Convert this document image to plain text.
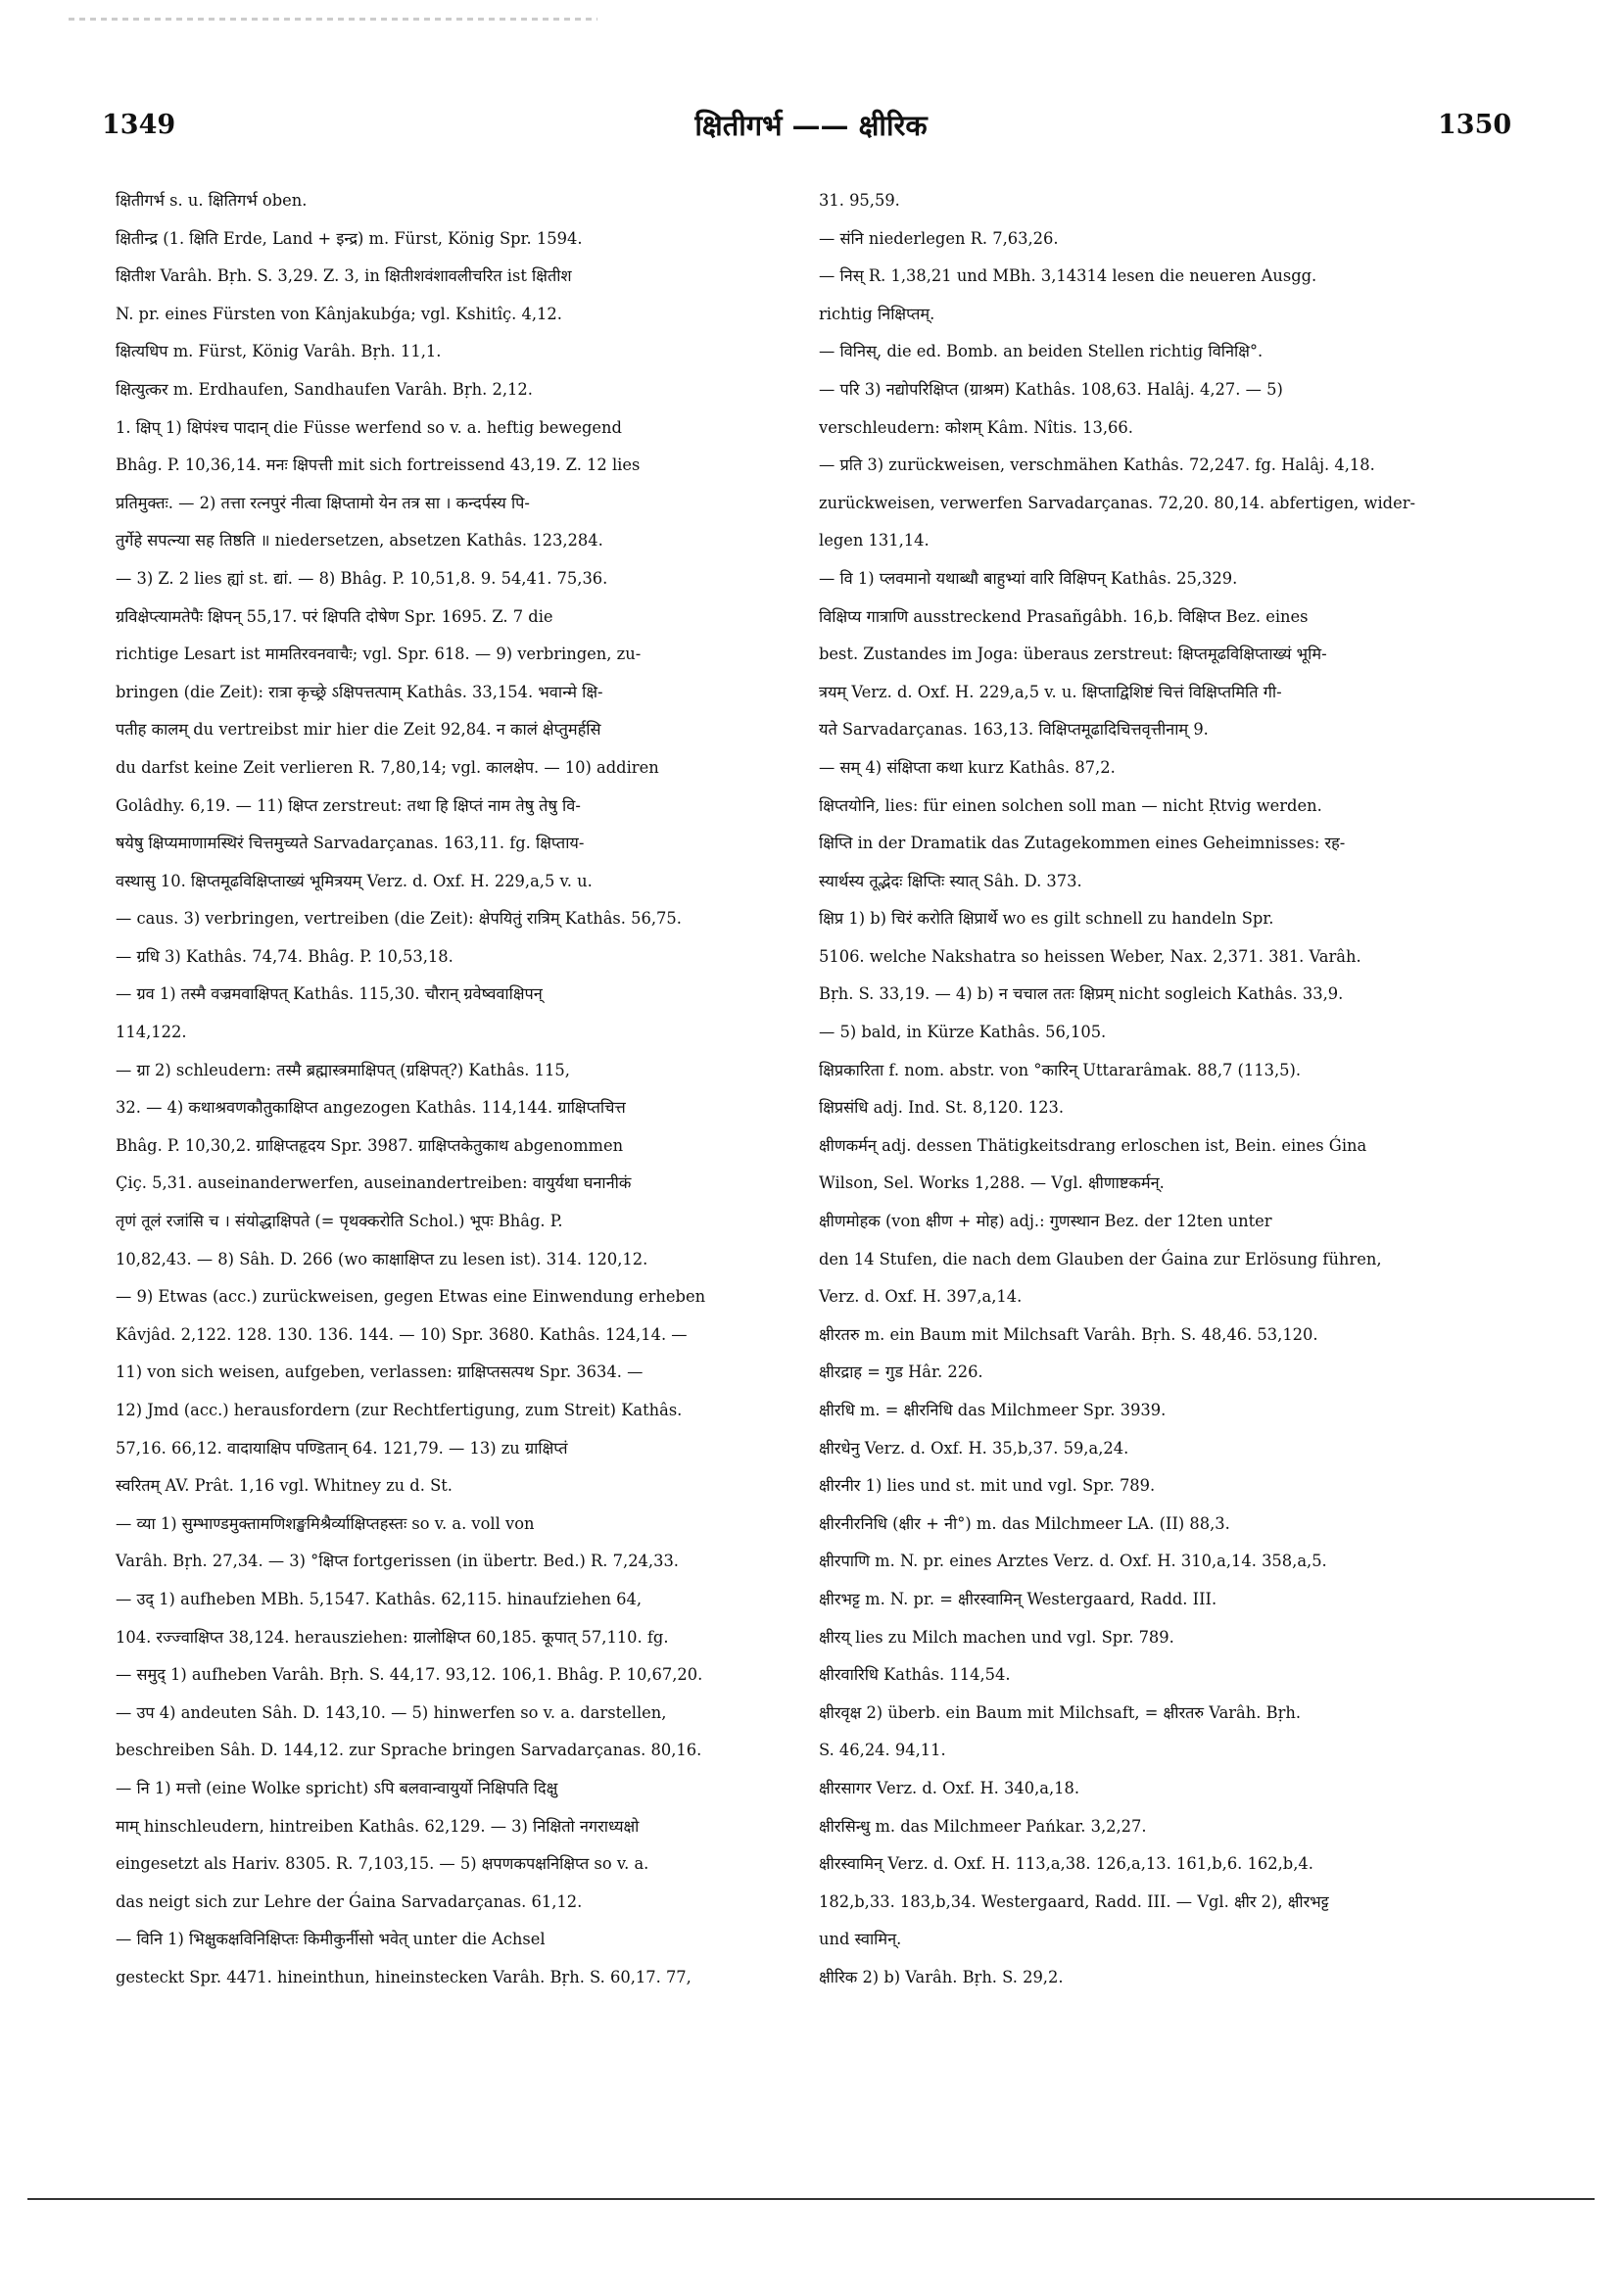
1349	क्षितीगर्भ —— क्षीरिक	1350

क्षितीगर्भ s. u. क्षितिगर्भ oben.

क्षितीन्द्र (1. क्षिति Erde, Land + इन्द्र) m. Fürst, König Spr. 1594.

क्षितीश Varâh. Bṛh. S. 3,29. Z. 3, in क्षितीशवंशावलीचरित ist क्षितीश

N. pr. eines Fürsten von Kânjakubǵa; vgl. Kshitîç. 4,12.

क्षित्यधिप m. Fürst, König Varâh. Bṛh. 11,1.

क्षित्युत्कर m. Erdhaufen, Sandhaufen Varâh. Bṛh. 2,12.

1. क्षिप् 1) क्षिपंश्च पादान् die Füsse werfend so v. a. heftig bewegend

Bhâg. P. 10,36,14. मनः क्षिपत्ती mit sich fortreissend 43,19. Z. 12 lies

प्रतिमुक्तः. — 2) तत्ता रत्नपुरं नीत्वा क्षिप्तामो येन तत्र सा । कन्दर्पस्य पि-

तुर्गेहे सपत्न्या सह तिष्ठति ॥ niedersetzen, absetzen Kathâs. 123,284.

— 3) Z. 2 lies ह्यां st. द्यां. — 8) Bhâg. P. 10,51,8. 9. 54,41. 75,36.

ग्रविक्षेप्त्यामतेपैः क्षिपन् 55,17. परं क्षिपति दोषेण Spr. 1695. Z. 7 die

richtige Lesart ist मामतिरवनवाचैः; vgl. Spr. 618. — 9) verbringen, zu-

bringen (die Zeit): रात्रा कृच्छ्रे ऽक्षिपत्तत्पाम् Kathâs. 33,154. भवान्मे क्षि-

पतीह कालम् du vertreibst mir hier die Zeit 92,84. न कालं क्षेप्तुमर्हसि

du darfst keine Zeit verlieren R. 7,80,14; vgl. कालक्षेप. — 10) addiren

Golâdhy. 6,19. — 11) क्षिप्त zerstreut: तथा हि क्षिप्तं नाम तेषु तेषु वि-

षयेषु क्षिप्यमाणामस्थिरं चित्तमुच्यते Sarvadarçanas. 163,11. fg. क्षिप्ताय-

वस्थासु 10. क्षिप्तमूढविक्षिप्ताख्यं भूमित्रयम् Verz. d. Oxf. H. 229,a,5 v. u.

— caus. 3) verbringen, vertreiben (die Zeit): क्षेपयितुं रात्रिम् Kathâs. 56,75.

— ग्रधि 3) Kathâs. 74,74. Bhâg. P. 10,53,18.

— ग्रव 1) तस्मै वज्रमवाक्षिपत् Kathâs. 115,30. चौरान् ग्रवेष्ववाक्षिपन्

114,122.

— ग्रा 2) schleudern: तस्मै ब्रह्मास्त्रमाक्षिपत् (ग्रक्षिपत्?) Kathâs. 115,

32. — 4) कथाश्रवणकौतुकाक्षिप्त angezogen Kathâs. 114,144. ग्राक्षिप्तचित्त

Bhâg. P. 10,30,2. ग्राक्षिप्तहृदय Spr. 3987. ग्राक्षिप्तकेतुकाथ abgenommen

Çiç. 5,31. auseinanderwerfen, auseinandertreiben: वायुर्यथा घनानीकं

तृणं तूलं रजांसि च । संयोद्धाक्षिपते (= पृथक्करोति Schol.) भूपः Bhâg. P.

10,82,43. — 8) Sâh. D. 266 (wo काक्षाक्षिप्त zu lesen ist). 314. 120,12.

— 9) Etwas (acc.) zurückweisen, gegen Etwas eine Einwendung erheben

Kâvjâd. 2,122. 128. 130. 136. 144. — 10) Spr. 3680. Kathâs. 124,14. —

11) von sich weisen, aufgeben, verlassen: ग्राक्षिप्तसत्पथ Spr. 3634. —

12) Jmd (acc.) herausfordern (zur Rechtfertigung, zum Streit) Kathâs.

57,16. 66,12. वादायाक्षिप पण्डितान् 64. 121,79. — 13) zu ग्राक्षिप्तं

स्वरितम् AV. Prât. 1,16 vgl. Whitney zu d. St.

— व्या 1) सुम्भाण्डमुक्तामणिशङ्खमिश्रैर्व्याक्षिप्तहस्तः so v. a. voll von

Varâh. Bṛh. 27,34. — 3) °क्षिप्त fortgerissen (in übertr. Bed.) R. 7,24,33.

— उद् 1) aufheben MBh. 5,1547. Kathâs. 62,115. hinaufziehen 64,

104. रज्ज्वाक्षिप्त 38,124. herausziehen: ग्रालोक्षिप्त 60,185. कूपात् 57,110. fg.

— समुद् 1) aufheben Varâh. Bṛh. S. 44,17. 93,12. 106,1. Bhâg. P. 10,67,20.

— उप 4) andeuten Sâh. D. 143,10. — 5) hinwerfen so v. a. darstellen,

beschreiben Sâh. D. 144,12. zur Sprache bringen Sarvadarçanas. 80,16.

— नि 1) मत्तो (eine Wolke spricht) ऽपि बलवान्वायुर्यो निक्षिपति दिक्षु

माम् hinschleudern, hintreiben Kathâs. 62,129. — 3) निक्षितो नगराध्यक्षो

eingesetzt als Hariv. 8305. R. 7,103,15. — 5) क्षपणकपक्षनिक्षिप्त so v. a.

das neigt sich zur Lehre der Ǵaina Sarvadarçanas. 61,12.

— विनि 1) भिक्षुकक्षविनिक्षिप्तः किमीकुर्नीसो भवेत् unter die Achsel

gesteckt Spr. 4471. hineinthun, hineinstecken Varâh. Bṛh. S. 60,17. 77,

31. 95,59.

— संनि niederlegen R. 7,63,26.

— निस् R. 1,38,21 und MBh. 3,14314 lesen die neueren Ausgg.

richtig निक्षिप्तम्.

— विनिस्, die ed. Bomb. an beiden Stellen richtig विनिक्षि°.

— परि 3) नद्योपरिक्षिप्त (ग्राश्रम) Kathâs. 108,63. Halâj. 4,27. — 5)

verschleudern: कोशम् Kâm. Nîtis. 13,66.

— प्रति 3) zurückweisen, verschmähen Kathâs. 72,247. fg. Halâj. 4,18.

zurückweisen, verwerfen Sarvadarçanas. 72,20. 80,14. abfertigen, wider-

legen 131,14.

— वि 1) प्लवमानो यथाब्धौ बाहुभ्यां वारि विक्षिपन् Kathâs. 25,329.

विक्षिप्य गात्राणि ausstreckend Prasañgâbh. 16,b. विक्षिप्त Bez. eines

best. Zustandes im Joga: überaus zerstreut: क्षिप्तमूढविक्षिप्ताख्यं भूमि-

त्रयम् Verz. d. Oxf. H. 229,a,5 v. u. क्षिप्ताद्विशिष्टं चित्तं विक्षिप्तमिति गी-

यते Sarvadarçanas. 163,13. विक्षिप्तमूढादिचित्तवृत्तीनाम् 9.

— सम् 4) संक्षिप्ता कथा kurz Kathâs. 87,2.

क्षिप्तयोनि, lies: für einen solchen soll man — nicht Ṛtvig werden.

क्षिप्ति in der Dramatik das Zutagekommen eines Geheimnisses: रह-

स्यार्थस्य तूद्भेदः क्षिप्तिः स्यात् Sâh. D. 373.

क्षिप्र 1) b) चिरं करोति क्षिप्रार्थे wo es gilt schnell zu handeln Spr.

5106. welche Nakshatra so heissen Weber, Nax. 2,371. 381. Varâh.

Bṛh. S. 33,19. — 4) b) न चचाल ततः क्षिप्रम् nicht sogleich Kathâs. 33,9.

— 5) bald, in Kürze Kathâs. 56,105.

क्षिप्रकारिता f. nom. abstr. von °कारिन् Uttararâmak. 88,7 (113,5).

क्षिप्रसंधि adj. Ind. St. 8,120. 123.

क्षीणकर्मन् adj. dessen Thätigkeitsdrang erloschen ist, Bein. eines Ǵina

Wilson, Sel. Works 1,288. — Vgl. क्षीणाष्टकर्मन्.

क्षीणमोहक (von क्षीण + मोह) adj.: गुणस्थान Bez. der 12ten unter

den 14 Stufen, die nach dem Glauben der Ǵaina zur Erlösung führen,

Verz. d. Oxf. H. 397,a,14.

क्षीरतरु m. ein Baum mit Milchsaft Varâh. Bṛh. S. 48,46. 53,120.

क्षीरद्राह = गुड Hâr. 226.

क्षीरधि m. = क्षीरनिधि das Milchmeer Spr. 3939.

क्षीरधेनु Verz. d. Oxf. H. 35,b,37. 59,a,24.

क्षीरनीर 1) lies und st. mit und vgl. Spr. 789.

क्षीरनीरनिधि (क्षीर + नी°) m. das Milchmeer LA. (II) 88,3.

क्षीरपाणि m. N. pr. eines Arztes Verz. d. Oxf. H. 310,a,14. 358,a,5.

क्षीरभट्ट m. N. pr. = क्षीरस्वामिन् Westergaard, Radd. III.

क्षीरय् lies zu Milch machen und vgl. Spr. 789.

क्षीरवारिधि Kathâs. 114,54.

क्षीरवृक्ष 2) überb. ein Baum mit Milchsaft, = क्षीरतरु Varâh. Bṛh.

S. 46,24. 94,11.

क्षीरसागर Verz. d. Oxf. H. 340,a,18.

क्षीरसिन्धु m. das Milchmeer Pańkar. 3,2,27.

क्षीरस्वामिन् Verz. d. Oxf. H. 113,a,38. 126,a,13. 161,b,6. 162,b,4.

182,b,33. 183,b,34. Westergaard, Radd. III. — Vgl. क्षीर 2), क्षीरभट्ट

und स्वामिन्.

क्षीरिक 2) b) Varâh. Bṛh. S. 29,2.
